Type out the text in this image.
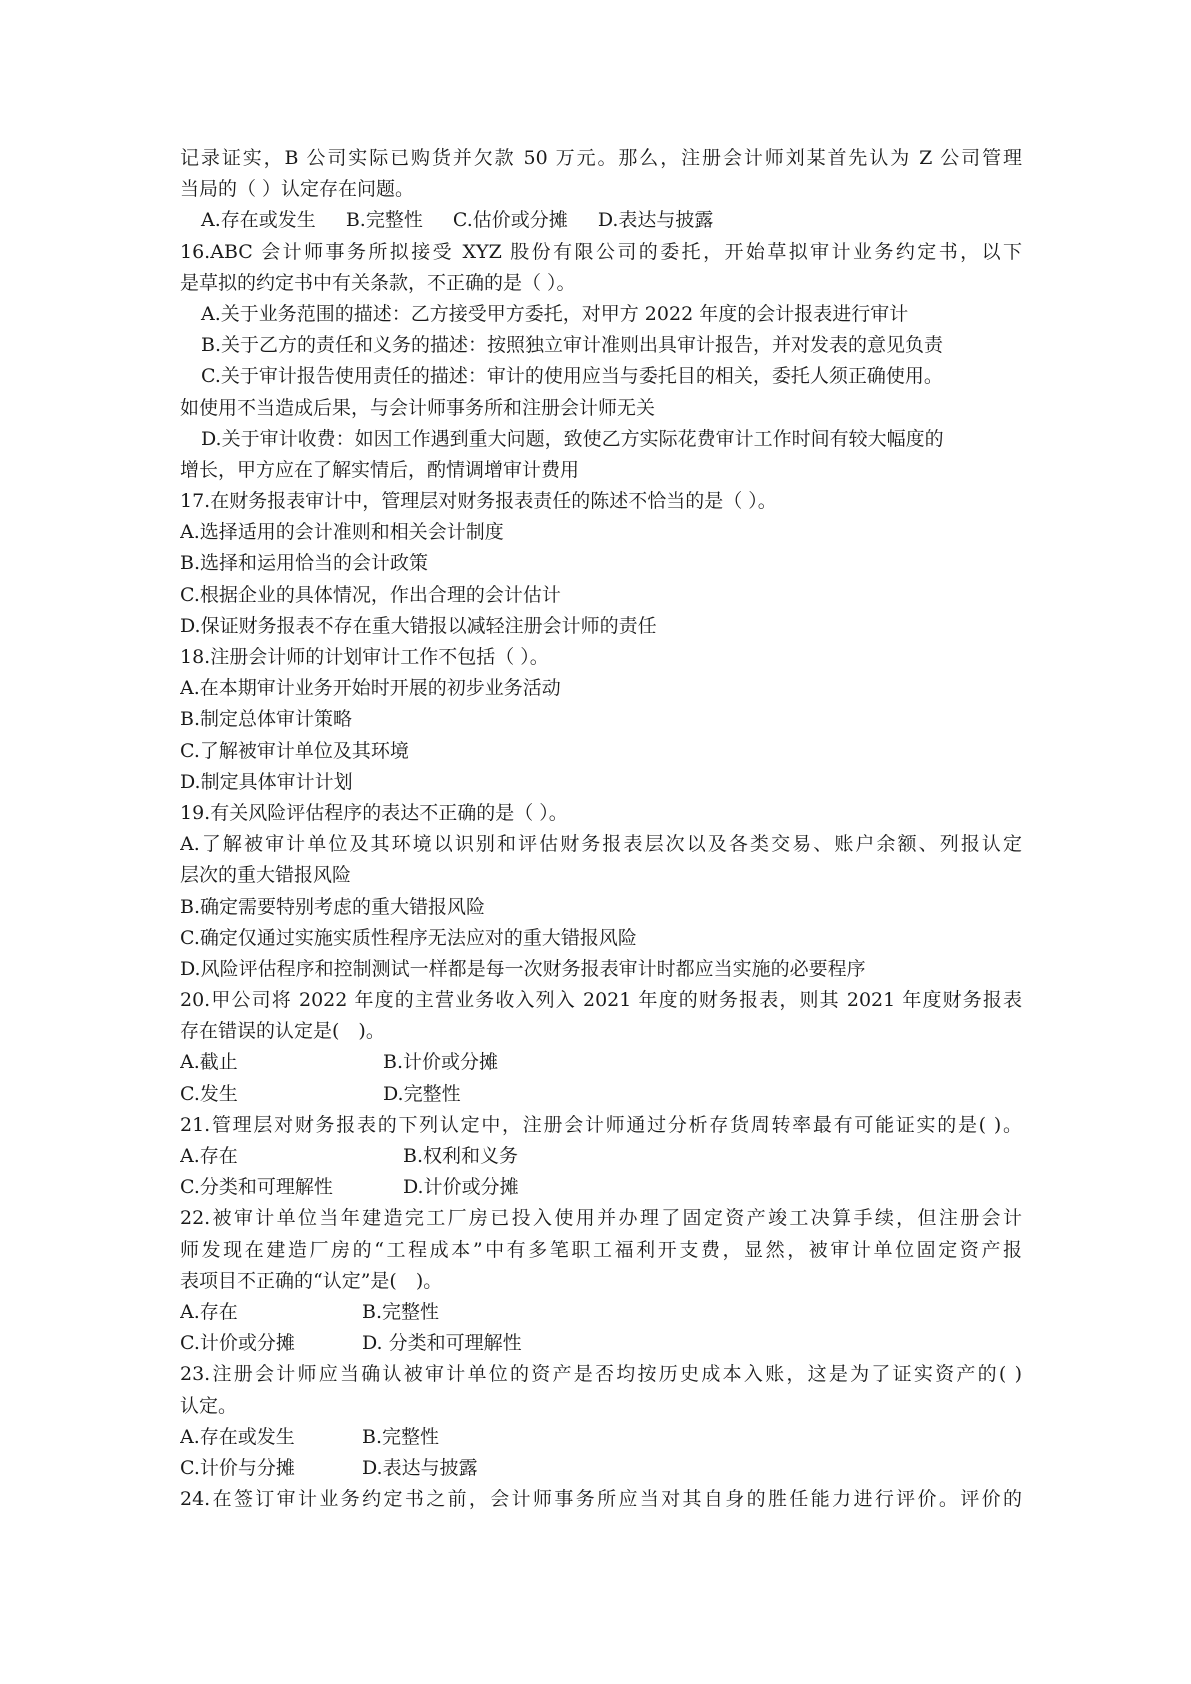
记录证实，B 公司实际已购货并欠款 50 万元。那么，注册会计师刘某首先认为 Z 公司管理
当局的（ ）认定存在问题。
A.存在或发生 B.完整性 C.估价或分摊 D.表达与披露
16.ABC 会计师事务所拟接受 XYZ 股份有限公司的委托，开始草拟审计业务约定书，以下
是草拟的约定书中有关条款，不正确的是（ ）。
A.关于业务范围的描述：乙方接受甲方委托，对甲方 2022 年度的会计报表进行审计
B.关于乙方的责任和义务的描述：按照独立审计准则出具审计报告，并对发表的意见负责
C.关于审计报告使用责任的描述：审计的使用应当与委托目的相关，委托人须正确使用。
如使用不当造成后果，与会计师事务所和注册会计师无关
D.关于审计收费：如因工作遇到重大问题，致使乙方实际花费审计工作时间有较大幅度的
增长，甲方应在了解实情后，酌情调增审计费用
17.在财务报表审计中，管理层对财务报表责任的陈述不恰当的是（ ）。
A.选择适用的会计准则和相关会计制度
B.选择和运用恰当的会计政策
C.根据企业的具体情况，作出合理的会计估计
D.保证财务报表不存在重大错报以减轻注册会计师的责任
18.注册会计师的计划审计工作不包括（ ）。
A.在本期审计业务开始时开展的初步业务活动
B.制定总体审计策略
C.了解被审计单位及其环境
D.制定具体审计计划
19.有关风险评估程序的表达不正确的是（ ）。
A.了解被审计单位及其环境以识别和评估财务报表层次以及各类交易、账户余额、列报认定
层次的重大错报风险
B.确定需要特别考虑的重大错报风险
C.确定仅通过实施实质性程序无法应对的重大错报风险
D.风险评估程序和控制测试一样都是每一次财务报表审计时都应当实施的必要程序
20.甲公司将 2022 年度的主营业务收入列入 2021 年度的财务报表，则其 2021 年度财务报表
存在错误的认定是(　)。
A.截止	B.计价或分摊
C.发生	D.完整性
21.管理层对财务报表的下列认定中，注册会计师通过分析存货周转率最有可能证实的是( )。
A.存在	B.权利和义务
C.分类和可理解性	D.计价或分摊
22.被审计单位当年建造完工厂房已投入使用并办理了固定资产竣工决算手续，但注册会计
师发现在建造厂房的“工程成本”中有多笔职工福利开支费，显然，被审计单位固定资产报
表项目不正确的“认定”是(　)。
A.存在	B.完整性
C.计价或分摊	D. 分类和可理解性
23.注册会计师应当确认被审计单位的资产是否均按历史成本入账，这是为了证实资产的( )
认定。
A.存在或发生	B.完整性
C.计价与分摊	D.表达与披露
24.在签订审计业务约定书之前，会计师事务所应当对其自身的胜任能力进行评价。评价的
